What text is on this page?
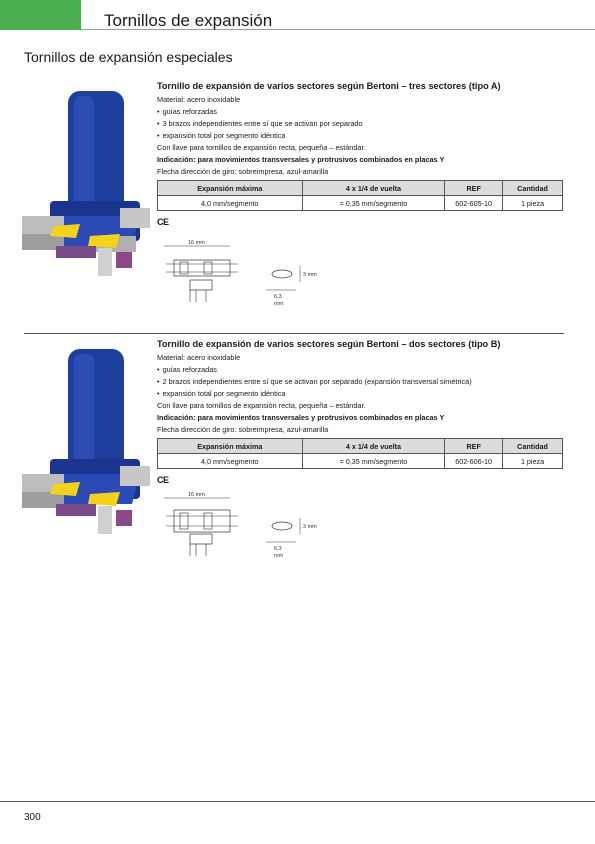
Tornillos de expansión
Tornillos de expansión especiales

Tornillo de expansión de varios sectores según Bertoni – tres sectores (tipo A)

Material: acero inoxidable

• guías reforzadas

• 3 brazos independientes entre sí que se activan por separado

• expansión total por segmento idéntica

Con llave para tornillos de expansión recta, pequeña – estándar.

Indicación: para movimientos transversales y protrusivos combinados en placas Y

Flecha dirección de giro: sobreimpresa, azul-amarilla

Expansión máxima	4 x 1/4 de vuelta	REF	Cantidad
4,0 mm/segmento	= 0,35 mm/segmento	602-605-10	1 pieza
CE
16 mm
3 mm
6,3
mm

Tornillo de expansión de varios sectores según Bertoni – dos sectores (tipo B)

Material: acero inoxidable

• guías reforzadas

• 2 brazos independientes entre sí que se activan por separado (expansión transversal simétrica)

• expansión total por segmento idéntica

Con llave para tornillos de expansión recta, pequeña – estándar.

Indicación: para movimientos transversales y protrusivos combinados en placas Y

Flecha dirección de giro: sobreimpresa, azul-amarilla

Expansión máxima	4 x 1/4 de vuelta	REF	Cantidad
4,0 mm/segmento	= 0,35 mm/segmento	602-606-10	1 pieza
CE
16 mm
3 mm
6,3
mm

300
